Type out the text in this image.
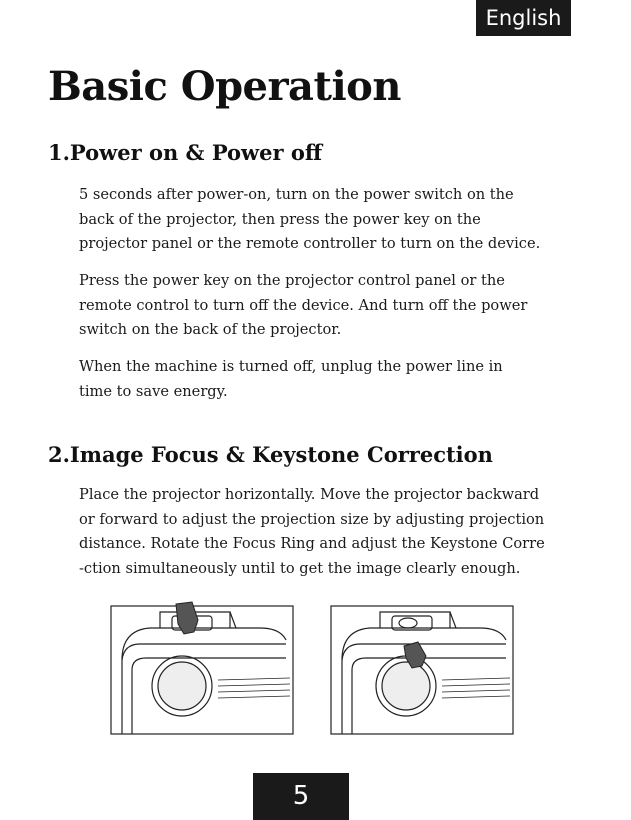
English
Basic Operation
1.Power on & Power off

5 seconds after power-on, turn on the power switch on the
back of the projector, then press the power key on the
projector panel or the remote controller to turn on the device.

Press the power key on the projector control panel or the
remote control to turn off the device. And turn off the power
switch on the back of the projector.

When the machine is turned off, unplug the power line in
time to save energy.

2.Image Focus & Keystone Correction

Place the projector horizontally. Move the projector backward
or forward to adjust the projection size by adjusting projection
distance. Rotate the Focus Ring and adjust the Keystone Corre
-ction simultaneously until to get the image clearly enough.

5
